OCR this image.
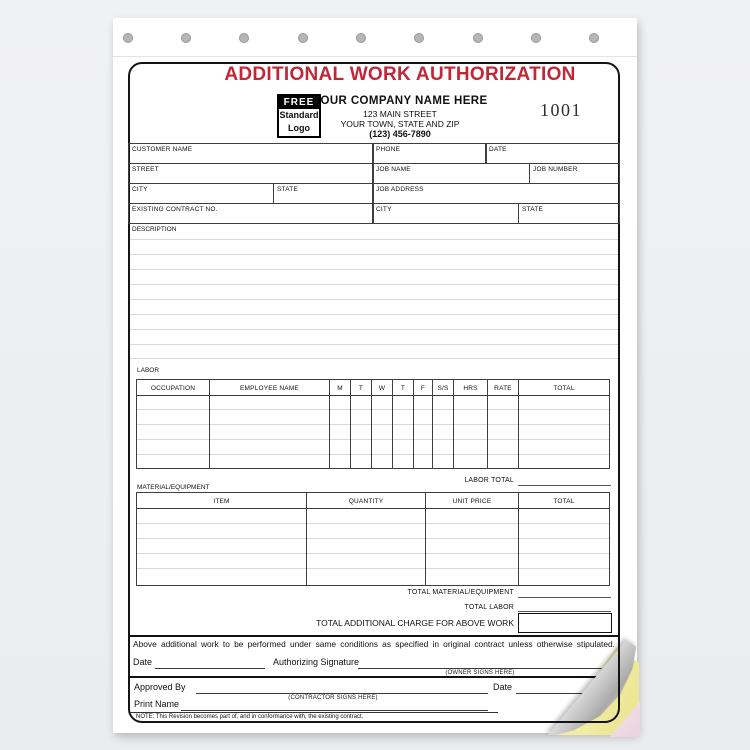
ADDITIONAL WORK AUTHORIZATION
FREE
Standard
Logo
YOUR COMPANY NAME HERE
123 MAIN STREET
YOUR TOWN, STATE AND ZIP
(123) 456-7890
1001
CUSTOMER NAME	PHONE	DATE
STREET	JOB NAME	JOB NUMBER
CITY	STATE	JOB ADDRESS
EXISTING CONTRACT NO.	CITY	STATE
DESCRIPTION
LABOR
OCCUPATION	EMPLOYEE NAME	M	T	W	T	F	S/S	HRS	RATE	TOTAL
LABOR TOTAL
MATERIAL/EQUIPMENT
ITEM	QUANTITY	UNIT PRICE	TOTAL
TOTAL MATERIAL/EQUIPMENT
TOTAL LABOR
TOTAL ADDITIONAL CHARGE FOR ABOVE WORK
Above additional work to be performed under same conditions as specified in original contract unless otherwise stipulated.
Date	Authorizing Signature
(OWNER SIGNS HERE)
Approved By
(CONTRACTOR SIGNS HERE)
Date
Print Name
NOTE: This Revision becomes part of, and in conformance with, the existing contract.
